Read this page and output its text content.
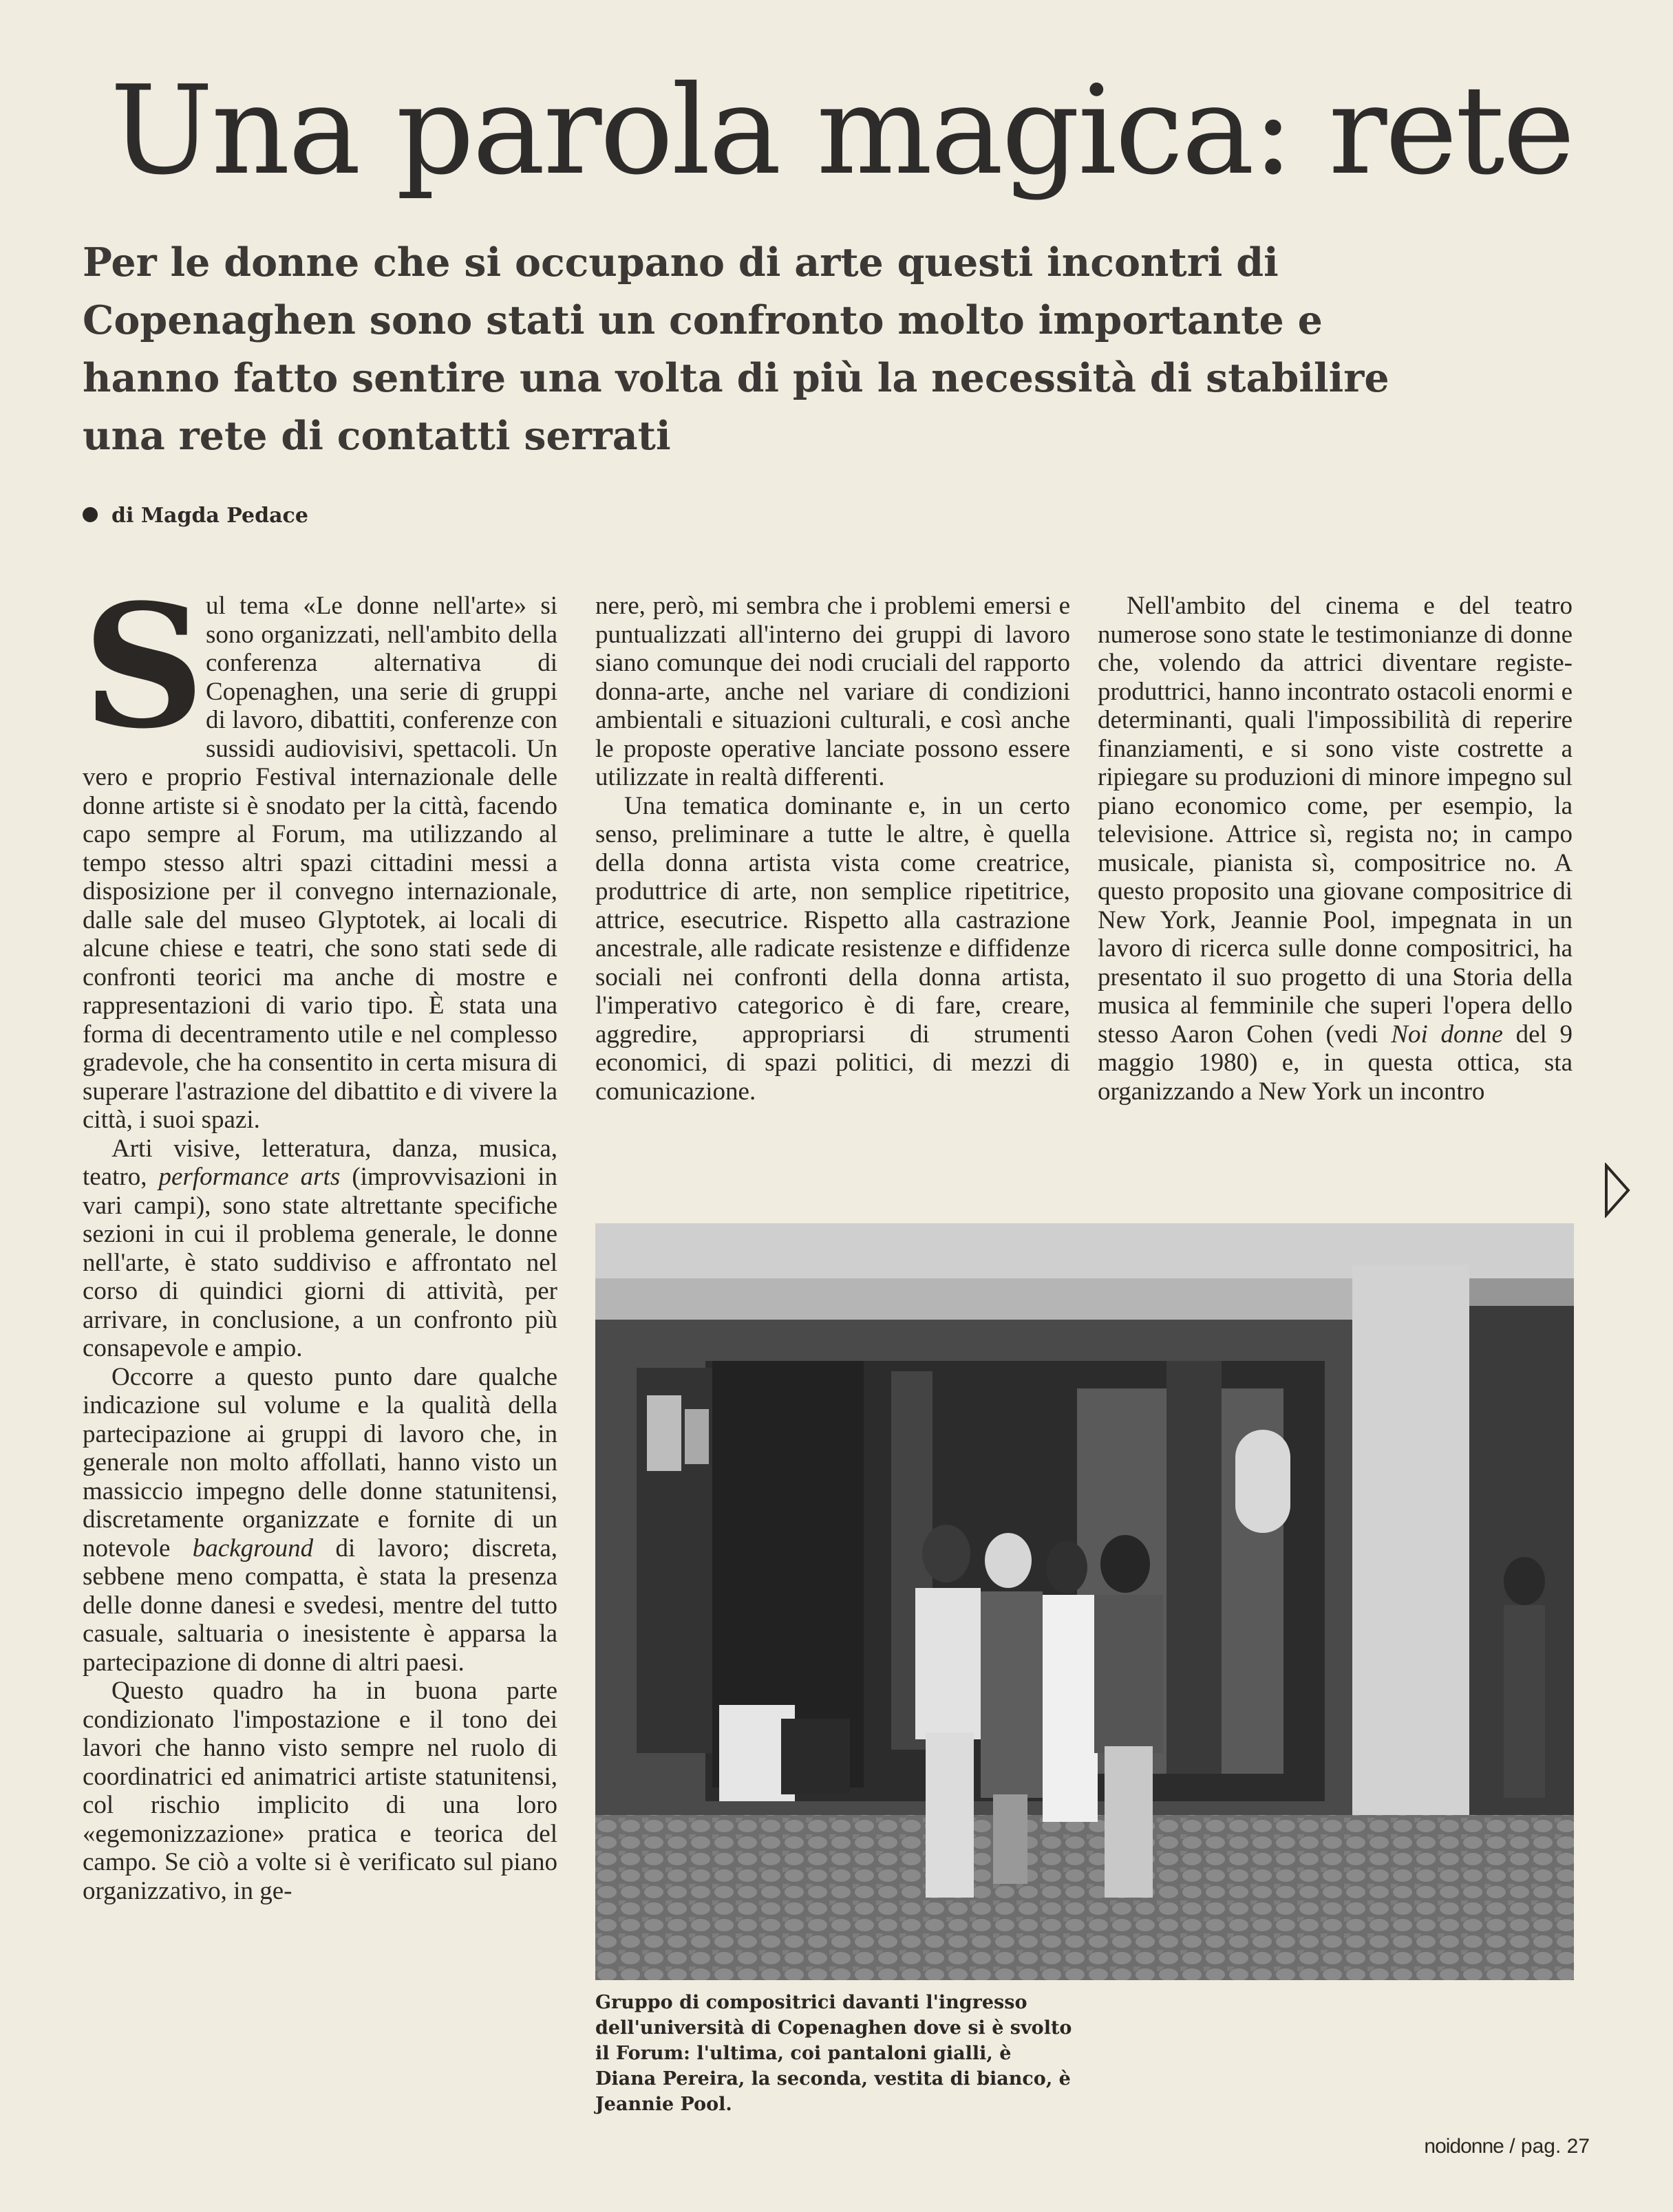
Una parola magica: rete
Per le donne che si occupano di arte questi incontri di Copenaghen sono stati un confronto molto importante e hanno fatto sentire una volta di più la necessità di stabilire una rete di contatti serrati
di Magda Pedace

Sul tema «Le donne nell'arte» si sono organizzati, nell'ambito della conferenza alternativa di Copenaghen, una serie di gruppi di lavoro, dibattiti, conferenze con sussidi audiovisivi, spettacoli. Un vero e proprio Festival internazionale delle donne artiste si è snodato per la città, facendo capo sempre al Forum, ma utilizzando al tempo stesso altri spazi cittadini messi a disposizione per il convegno internazionale, dalle sale del museo Glyptotek, ai locali di alcune chiese e teatri, che sono stati sede di confronti teorici ma anche di mostre e rappresentazioni di vario tipo. È stata una forma di decentramento utile e nel complesso gradevole, che ha consentito in certa misura di superare l'astrazione del dibattito e di vivere la città, i suoi spazi.

Arti visive, letteratura, danza, musica, teatro, performance arts (improvvisazioni in vari campi), sono state altrettante specifiche sezioni in cui il problema generale, le donne nell'arte, è stato suddiviso e affrontato nel corso di quindici giorni di attività, per arrivare, in conclusione, a un confronto più consapevole e ampio.

Occorre a questo punto dare qualche indicazione sul volume e la qualità della partecipazione ai gruppi di lavoro che, in generale non molto affollati, hanno visto un massiccio impegno delle donne statunitensi, discretamente organizzate e fornite di un notevole background di lavoro; discreta, sebbene meno compatta, è stata la presenza delle donne danesi e svedesi, mentre del tutto casuale, saltuaria o inesistente è apparsa la partecipazione di donne di altri paesi.

Questo quadro ha in buona parte condizionato l'impostazione e il tono dei lavori che hanno visto sempre nel ruolo di coordinatrici ed animatrici artiste statunitensi, col rischio implicito di una loro «egemonizzazione» pratica e teorica del campo. Se ciò a volte si è verificato sul piano organizzativo, in ge-

nere, però, mi sembra che i problemi emersi e puntualizzati all'interno dei gruppi di lavoro siano comunque dei nodi cruciali del rapporto donna-arte, anche nel variare di condizioni ambientali e situazioni culturali, e così anche le proposte operative lanciate possono essere utilizzate in realtà differenti.

Una tematica dominante e, in un certo senso, preliminare a tutte le altre, è quella della donna artista vista come creatrice, produttrice di arte, non semplice ripetitrice, attrice, esecutrice. Rispetto alla castrazione ancestrale, alle radicate resistenze e diffidenze sociali nei confronti della donna artista, l'imperativo categorico è di fare, creare, aggredire, appropriarsi di strumenti economici, di spazi politici, di mezzi di comunicazione.

Nell'ambito del cinema e del teatro numerose sono state le testimonianze di donne che, volendo da attrici diventare registe-produttrici, hanno incontrato ostacoli enormi e determinanti, quali l'impossibilità di reperire finanziamenti, e si sono viste costrette a ripiegare su produzioni di minore impegno sul piano economico come, per esempio, la televisione. Attrice sì, regista no; in campo musicale, pianista sì, compositrice no. A questo proposito una giovane compositrice di New York, Jeannie Pool, impegnata in un lavoro di ricerca sulle donne compositrici, ha presentato il suo progetto di una Storia della musica al femminile che superi l'opera dello stesso Aaron Cohen (vedi Noi donne del 9 maggio 1980) e, in questa ottica, sta organizzando a New York un incontro

Gruppo di compositrici davanti l'ingresso dell'università di Copenaghen dove si è svolto il Forum: l'ultima, coi pantaloni gialli, è Diana Pereira, la seconda, vestita di bianco, è Jeannie Pool.

noidonne / pag. 27
